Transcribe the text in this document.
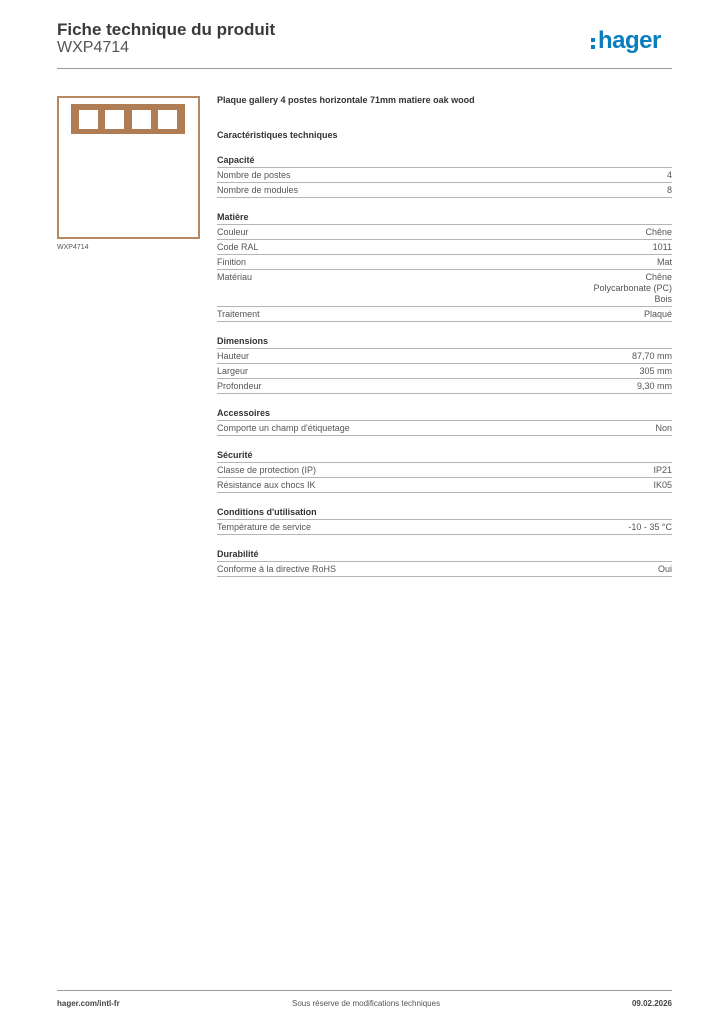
Fiche technique du produit
WXP4714	hager
WXP4714
Plaque gallery 4 postes horizontale 71mm matiere oak wood
Caractéristiques techniques
Capacité
Nombre de postes	4
Nombre de modules	8
Matière
Couleur	Chêne
Code RAL	1011
Finition	Mat
Matériau	Chêne
Polycarbonate (PC)
Bois
Traitement	Plaqué
Dimensions
Hauteur	87,70 mm
Largeur	305 mm
Profondeur	9,30 mm
Accessoires
Comporte un champ d'étiquetage	Non
Sécurité
Classe de protection (IP)	IP21
Résistance aux chocs IK	IK05
Conditions d'utilisation
Température de service	-10 - 35 °C
Durabilité
Conforme à la directive RoHS	Oui
hager.com/intl-fr	Sous réserve de modifications techniques	09.02.2026
